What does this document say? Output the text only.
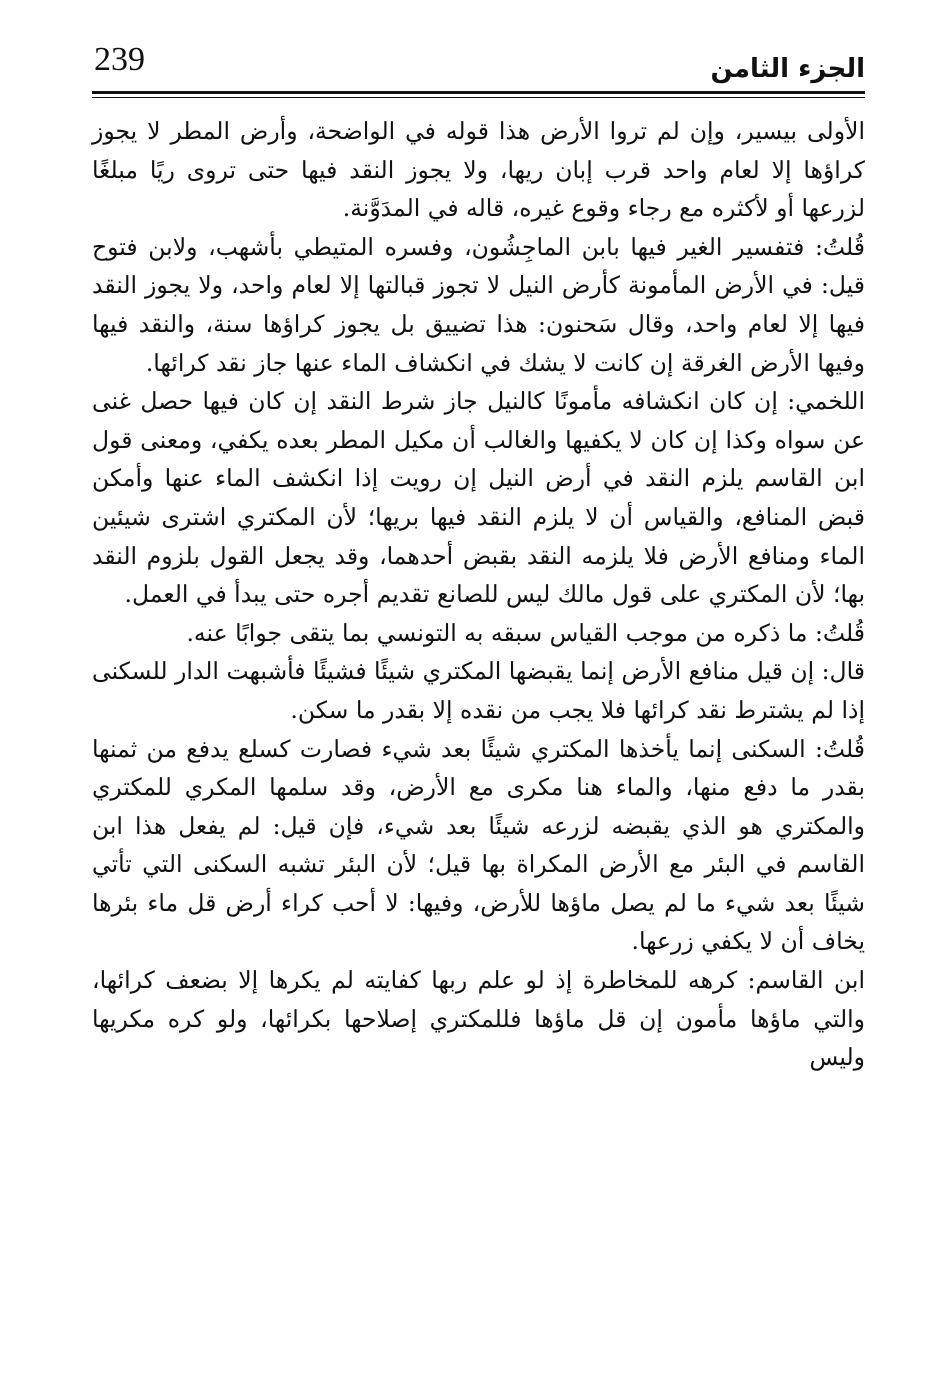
239	الجزء الثامن

الأولى بيسير، وإن لم تروا الأرض هذا قوله في الواضحة، وأرض المطر لا يجوز كراؤها إلا لعام واحد قرب إبان ريها، ولا يجوز النقد فيها حتى تروى ريًا مبلغًا لزرعها أو لأكثره مع رجاء وقوع غيره، قاله في المدَوَّنة.

قُلتُ: فتفسير الغير فيها بابن الماجِشُون، وفسره المتيطي بأشهب، ولابن فتوح قيل: في الأرض المأمونة كأرض النيل لا تجوز قبالتها إلا لعام واحد، ولا يجوز النقد فيها إلا لعام واحد، وقال سَحنون: هذا تضييق بل يجوز كراؤها سنة، والنقد فيها وفيها الأرض الغرقة إن كانت لا يشك في انكشاف الماء عنها جاز نقد كرائها.

اللخمي: إن كان انكشافه مأمونًا كالنيل جاز شرط النقد إن كان فيها حصل غنى عن سواه وكذا إن كان لا يكفيها والغالب أن مكيل المطر بعده يكفي، ومعنى قول ابن القاسم يلزم النقد في أرض النيل إن رويت إذا انكشف الماء عنها وأمكن قبض المنافع، والقياس أن لا يلزم النقد فيها بريها؛ لأن المكتري اشترى شيئين الماء ومنافع الأرض فلا يلزمه النقد بقبض أحدهما، وقد يجعل القول بلزوم النقد بها؛ لأن المكتري على قول مالك ليس للصانع تقديم أجره حتى يبدأ في العمل.

قُلتُ: ما ذكره من موجب القياس سبقه به التونسي بما يتقى جوابًا عنه.

قال: إن قيل منافع الأرض إنما يقبضها المكتري شيئًا فشيئًا فأشبهت الدار للسكنى إذا لم يشترط نقد كرائها فلا يجب من نقده إلا بقدر ما سكن.

قُلتُ: السكنى إنما يأخذها المكتري شيئًا بعد شيء فصارت كسلع يدفع من ثمنها بقدر ما دفع منها، والماء هنا مكرى مع الأرض، وقد سلمها المكري للمكتري والمكتري هو الذي يقبضه لزرعه شيئًا بعد شيء، فإن قيل: لم يفعل هذا ابن القاسم في البئر مع الأرض المكراة بها قيل؛ لأن البئر تشبه السكنى التي تأتي شيئًا بعد شيء ما لم يصل ماؤها للأرض، وفيها: لا أحب كراء أرض قل ماء بئرها يخاف أن لا يكفي زرعها.

ابن القاسم: كرهه للمخاطرة إذ لو علم ربها كفايته لم يكرها إلا بضعف كرائها، والتي ماؤها مأمون إن قل ماؤها فللمكتري إصلاحها بكرائها، ولو كره مكريها وليس
